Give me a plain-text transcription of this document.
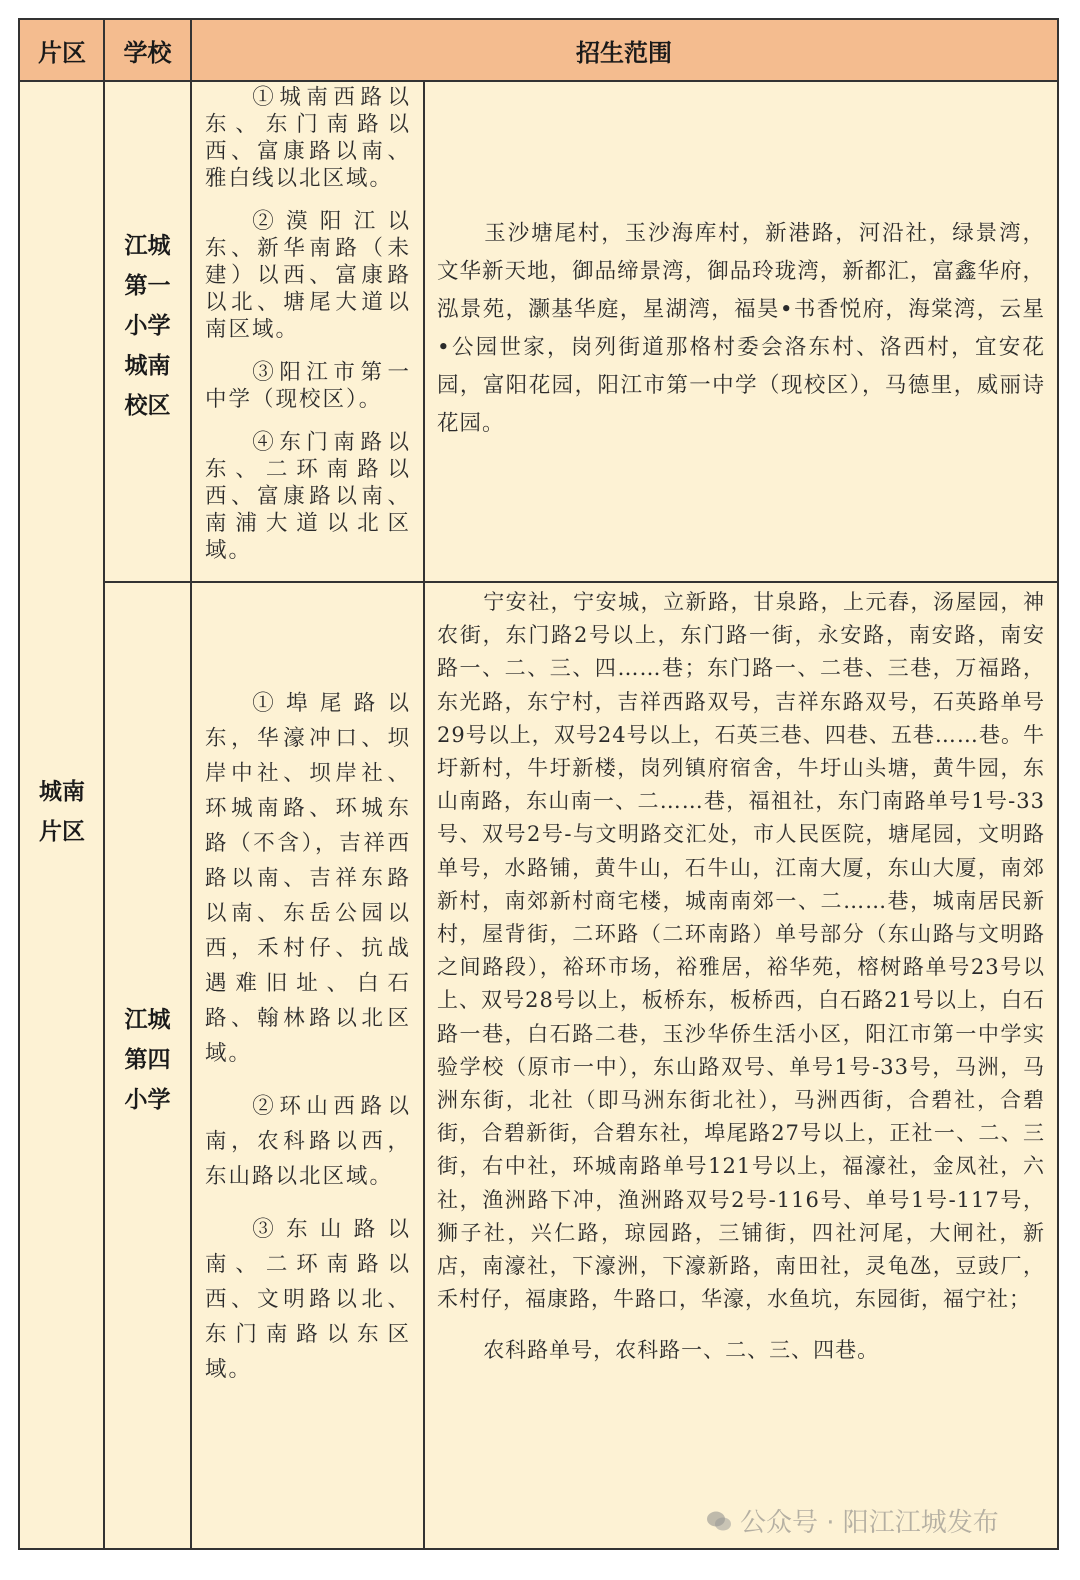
片区	学校	招生范围
城南
片区
江城
第一
小学
城南
校区

①城南西路以东、东门南路以西、富康路以南、雅白线以北区域。

②漠阳江以东、新华南路（未建）以西、富康路以北、塘尾大道以南区域。

③阳江市第一中学（现校区）。

④东门南路以东、二环南路以西、富康路以南、南浦大道以北区域。

玉沙塘尾村，玉沙海库村，新港路，河沿社，绿景湾，文华新天地，御品缔景湾，御品玲珑湾，新都汇，富鑫华府，泓景苑，灏基华庭，星湖湾，福昊•书香悦府，海棠湾，云星•公园世家，岗列街道那格村委会洛东村、洛西村，宜安花园，富阳花园，阳江市第一中学（现校区），马德里，威丽诗花园。

江城
第四
小学

①埠尾路以东，华濠冲口、坝岸中社、坝岸社、环城南路、环城东路（不含），吉祥西路以南、吉祥东路以南、东岳公园以西，禾村仔、抗战遇难旧址、白石路、翰林路以北区域。

②环山西路以南，农科路以西，东山路以北区域。

③东山路以南、二环南路以西、文明路以北、东门南路以东区域。

宁安社，宁安城，立新路，甘泉路，上元舂，汤屋园，神农街，东门路2号以上，东门路一街，永安路，南安路，南安路一、二、三、四……巷；东门路一、二巷、三巷，万福路，东光路，东宁村，吉祥西路双号，吉祥东路双号，石英路单号29号以上，双号24号以上，石英三巷、四巷、五巷……巷。牛圩新村，牛圩新楼，岗列镇府宿舍，牛圩山头塘，黄牛园，东山南路，东山南一、二……巷，福祖社，东门南路单号1号-33号、双号2号-与文明路交汇处，市人民医院，塘尾园，文明路单号，水路铺，黄牛山，石牛山，江南大厦，东山大厦，南郊新村，南郊新村商宅楼，城南南郊一、二……巷，城南居民新村，屋背街，二环路（二环南路）单号部分（东山路与文明路之间路段），裕环市场，裕雅居，裕华苑，榕树路单号23号以上、双号28号以上，板桥东，板桥西，白石路21号以上，白石路一巷，白石路二巷，玉沙华侨生活小区，阳江市第一中学实验学校（原市一中），东山路双号、单号1号-33号，马洲，马洲东街，北社（即马洲东街北社），马洲西街，合碧社，合碧街，合碧新街，合碧东社，埠尾路27号以上，正社一、二、三街，右中社，环城南路单号121号以上，福濠社，金凤社，六社，渔洲路下冲，渔洲路双号2号-116号、单号1号-117号，狮子社，兴仁路，琼园路，三铺街，四社河尾，大闸社，新店，南濠社，下濠洲，下濠新路，南田社，灵龟氹，豆豉厂，禾村仔，福康路，牛路口，华濠，水鱼坑，东园街，福宁社；

农科路单号，农科路一、二、三、四巷。

公众号 · 阳江江城发布
